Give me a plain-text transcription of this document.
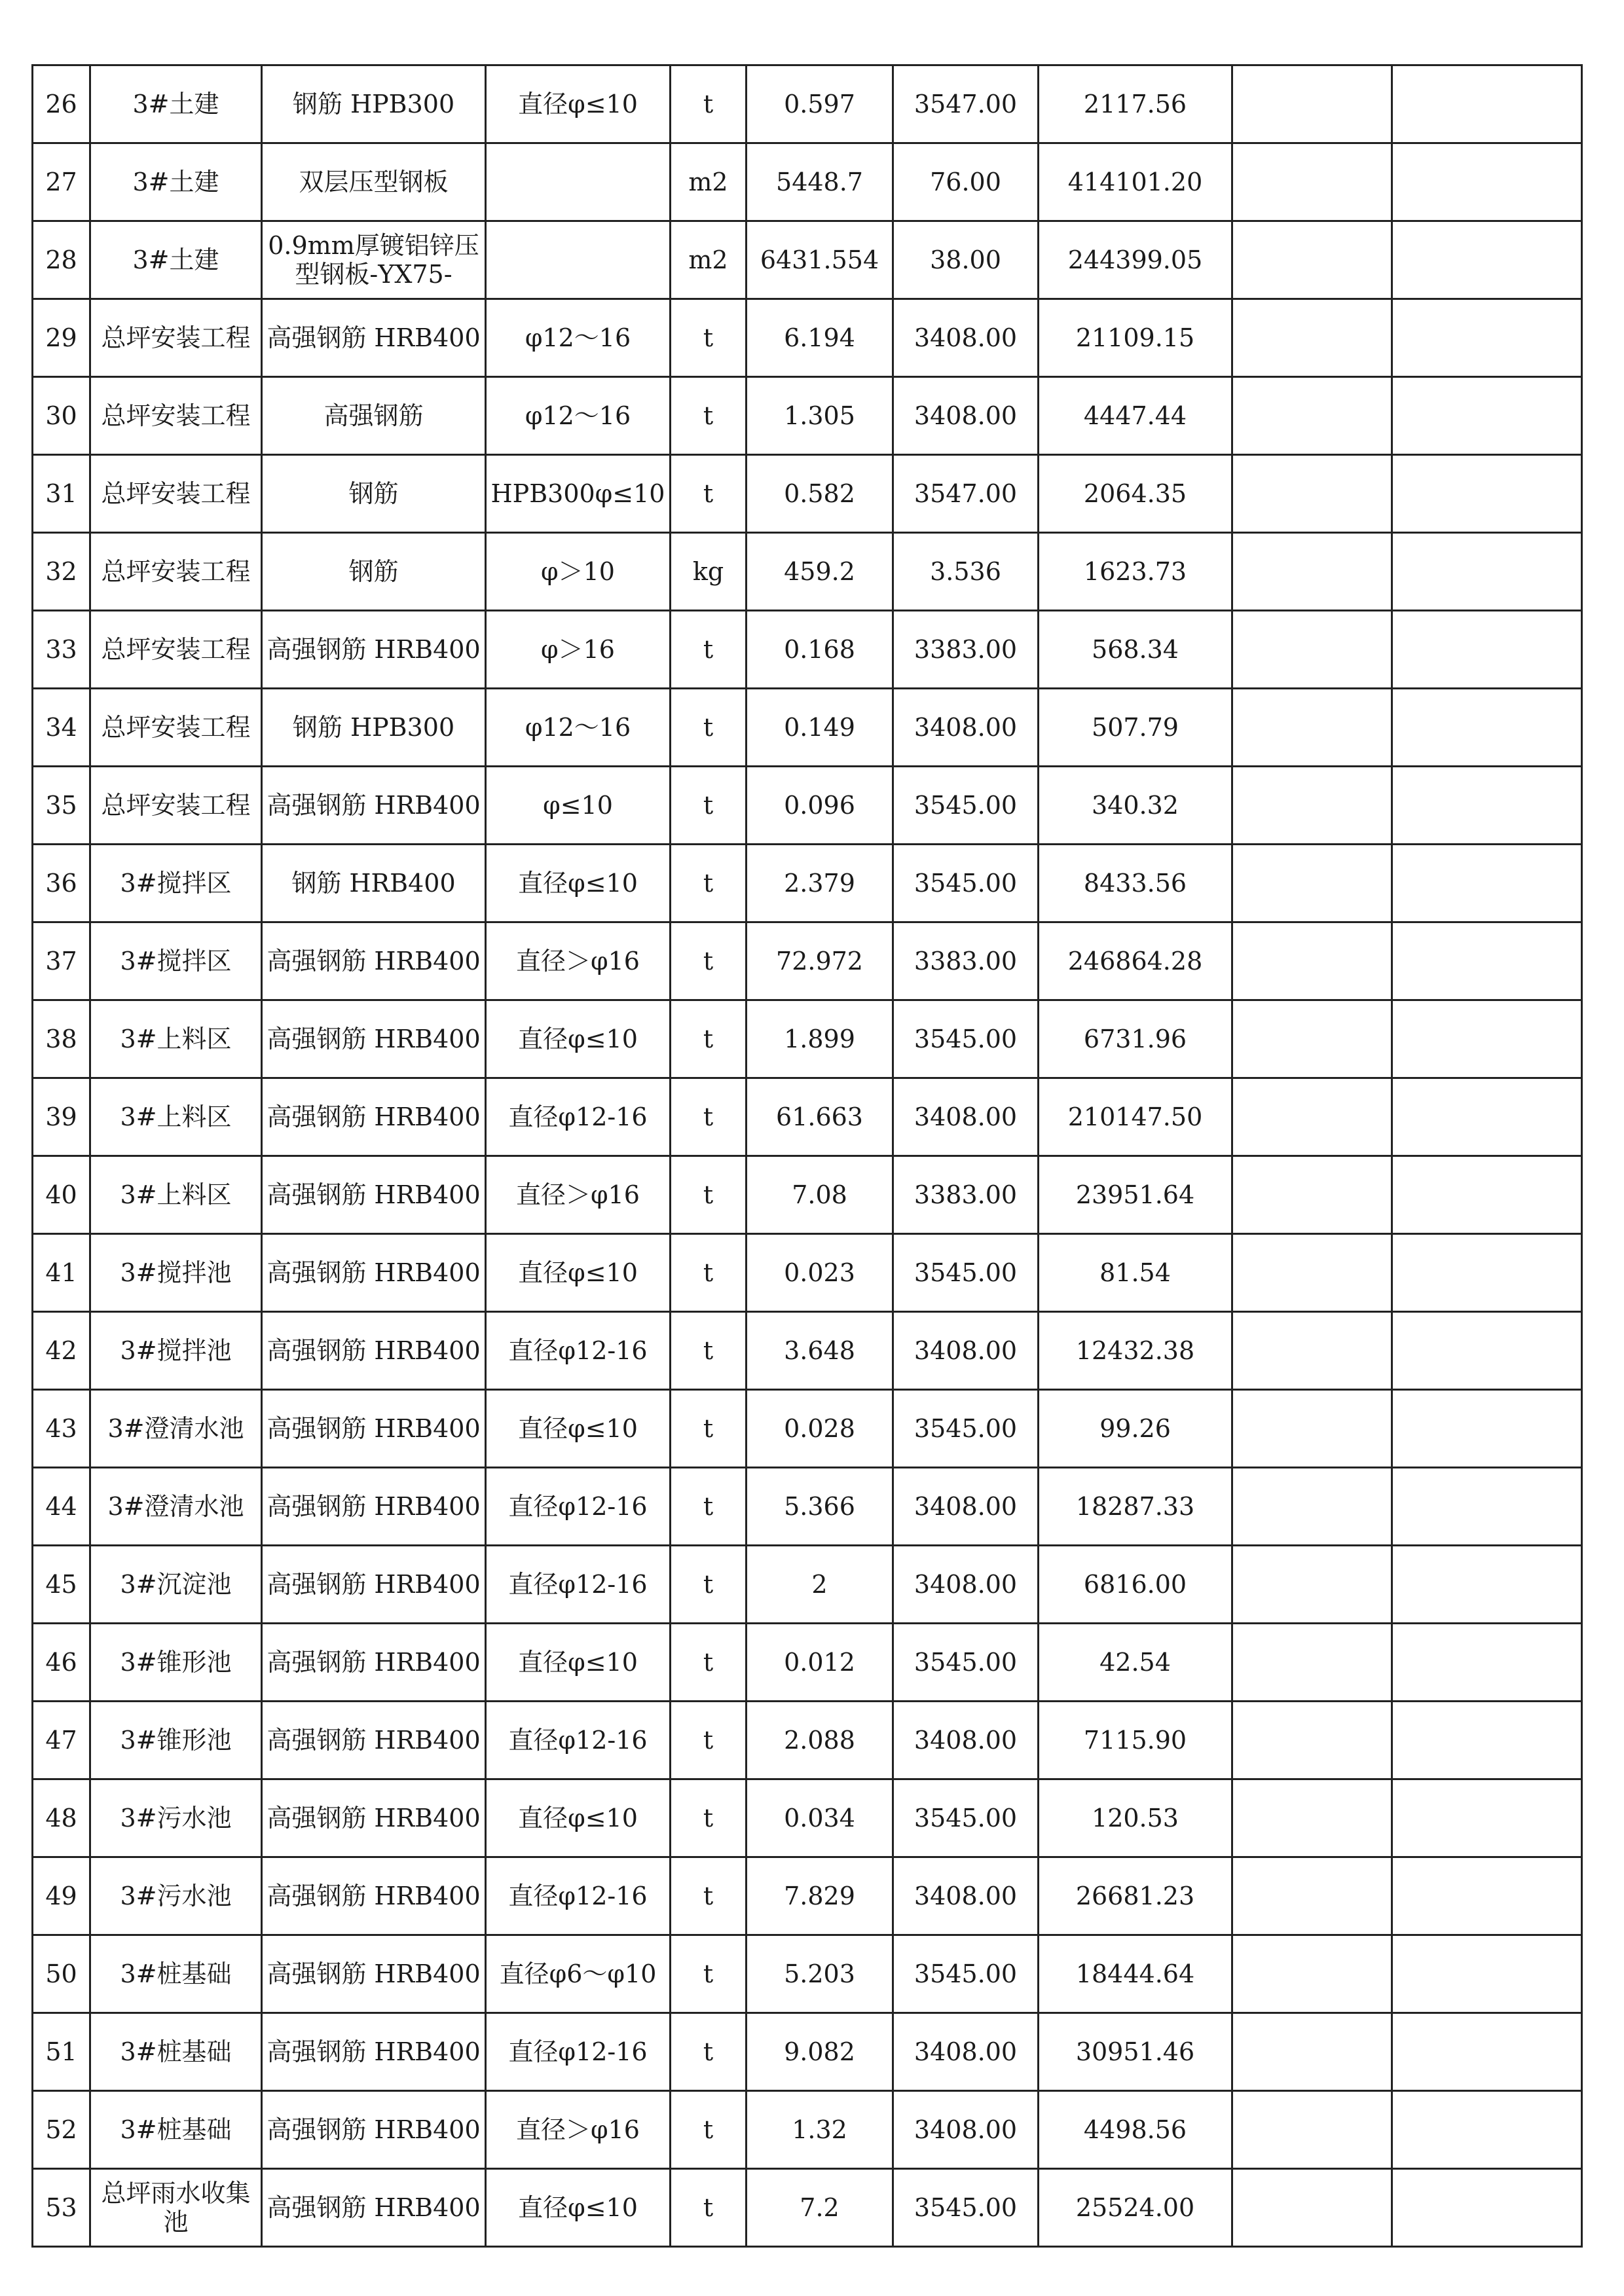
26	3#土建	钢筋 HPB300	直径φ≤10	t	0.597	3547.00	2117.56		
27	3#土建	双层压型钢板		m2	5448.7	76.00	414101.20		
28	3#土建	0.9mm厚镀铝锌压型钢板-YX75-		m2	6431.554	38.00	244399.05		
29	总坪安装工程	高强钢筋 HRB400	φ12～16	t	6.194	3408.00	21109.15		
30	总坪安装工程	高强钢筋	φ12～16	t	1.305	3408.00	4447.44		
31	总坪安装工程	钢筋	HPB300φ≤10	t	0.582	3547.00	2064.35		
32	总坪安装工程	钢筋	φ＞10	kg	459.2	3.536	1623.73		
33	总坪安装工程	高强钢筋 HRB400	φ＞16	t	0.168	3383.00	568.34		
34	总坪安装工程	钢筋 HPB300	φ12～16	t	0.149	3408.00	507.79		
35	总坪安装工程	高强钢筋 HRB400	φ≤10	t	0.096	3545.00	340.32		
36	3#搅拌区	钢筋 HRB400	直径φ≤10	t	2.379	3545.00	8433.56		
37	3#搅拌区	高强钢筋 HRB400	直径＞φ16	t	72.972	3383.00	246864.28		
38	3#上料区	高强钢筋 HRB400	直径φ≤10	t	1.899	3545.00	6731.96		
39	3#上料区	高强钢筋 HRB400	直径φ12-16	t	61.663	3408.00	210147.50		
40	3#上料区	高强钢筋 HRB400	直径＞φ16	t	7.08	3383.00	23951.64		
41	3#搅拌池	高强钢筋 HRB400	直径φ≤10	t	0.023	3545.00	81.54		
42	3#搅拌池	高强钢筋 HRB400	直径φ12-16	t	3.648	3408.00	12432.38		
43	3#澄清水池	高强钢筋 HRB400	直径φ≤10	t	0.028	3545.00	99.26		
44	3#澄清水池	高强钢筋 HRB400	直径φ12-16	t	5.366	3408.00	18287.33		
45	3#沉淀池	高强钢筋 HRB400	直径φ12-16	t	2	3408.00	6816.00		
46	3#锥形池	高强钢筋 HRB400	直径φ≤10	t	0.012	3545.00	42.54		
47	3#锥形池	高强钢筋 HRB400	直径φ12-16	t	2.088	3408.00	7115.90		
48	3#污水池	高强钢筋 HRB400	直径φ≤10	t	0.034	3545.00	120.53		
49	3#污水池	高强钢筋 HRB400	直径φ12-16	t	7.829	3408.00	26681.23		
50	3#桩基础	高强钢筋 HRB400	直径φ6～φ10	t	5.203	3545.00	18444.64		
51	3#桩基础	高强钢筋 HRB400	直径φ12-16	t	9.082	3408.00	30951.46		
52	3#桩基础	高强钢筋 HRB400	直径＞φ16	t	1.32	3408.00	4498.56		
53	总坪雨水收集池	高强钢筋 HRB400	直径φ≤10	t	7.2	3545.00	25524.00		
